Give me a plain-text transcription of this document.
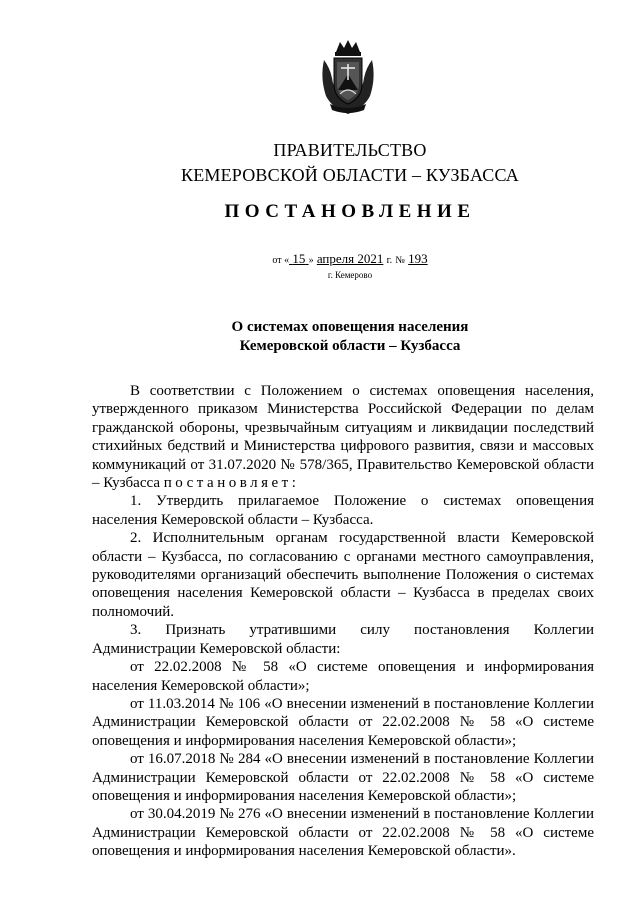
ПРАВИТЕЛЬСТВО
КЕМЕРОВСКОЙ ОБЛАСТИ – КУЗБАССА
ПОСТАНОВЛЕНИЕ
от « 15 » апреля 2021 г. № 193
г. Кемерово
О системах оповещения населения
Кемеровской области – Кузбасса

В соответствии с Положением о системах оповещения населения, утвержденного приказом Министерства Российской Федерации по делам гражданской обороны, чрезвычайным ситуациям и ликвидации последствий стихийных бедствий и Министерства цифрового развития, связи и массовых коммуникаций от 31.07.2020 № 578/365, Правительство Кемеровской области – Кузбасса постановляет:

1. Утвердить прилагаемое Положение о системах оповещения населения Кемеровской области – Кузбасса.

2. Исполнительным органам государственной власти Кемеровской области – Кузбасса, по согласованию с органами местного самоуправления, руководителями организаций обеспечить выполнение Положения о системах оповещения населения Кемеровской области – Кузбасса в пределах своих полномочий.

3. Признать утратившими силу постановления Коллегии Администрации Кемеровской области:

от 22.02.2008 № 58 «О системе оповещения и информирования населения Кемеровской области»;

от 11.03.2014 № 106 «О внесении изменений в постановление Коллегии Администрации Кемеровской области от 22.02.2008 № 58 «О системе оповещения и информирования населения Кемеровской области»;

от 16.07.2018 № 284 «О внесении изменений в постановление Коллегии Администрации Кемеровской области от 22.02.2008 № 58 «О системе оповещения и информирования населения Кемеровской области»;

от 30.04.2019 № 276 «О внесении изменений в постановление Коллегии Администрации Кемеровской области от 22.02.2008 № 58 «О системе оповещения и информирования населения Кемеровской области».
